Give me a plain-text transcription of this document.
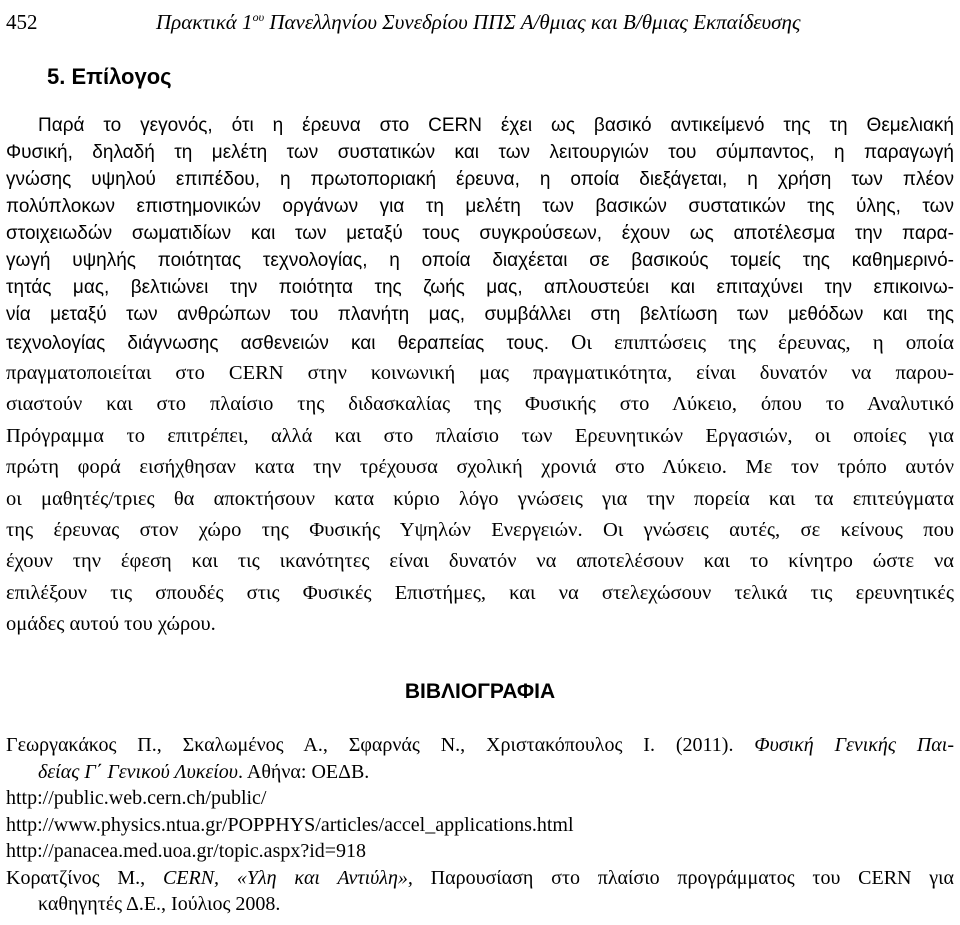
452	Πρακτικά $1^{o\upsilon}$ Πανελληνίου Συνεδρίου ΠΠΣ Α/θμιας και Β/θμιας Εκπαίδευσης
5. Επίλογος
Παρά το γεγονός, ότι η έρευνα στο CERN έχει ως βασικό αντικείμενό της τη Θεμελιακή
Φυσική, δηλαδή τη μελέτη των συστατικών και των λειτουργιών του σύμπαντος, η παραγωγή
γνώσης υψηλού επιπέδου, η πρωτοποριακή έρευνα, η οποία διεξάγεται, η χρήση των πλέον
πολύπλοκων επιστημονικών οργάνων για τη μελέτη των βασικών συστατικών της ύλης, των
στοιχειωδών σωματιδίων και των μεταξύ τους συγκρούσεων, έχουν ως αποτέλεσμα την παρα-
γωγή υψηλής ποιότητας τεχνολογίας, η οποία διαχέεται σε βασικούς τομείς της καθημερινό-
τητάς μας, βελτιώνει την ποιότητα της ζωής μας, απλουστεύει και επιταχύνει την επικοινω-
νία μεταξύ των ανθρώπων του πλανήτη μας, συμβάλλει στη βελτίωση των μεθόδων και της
τεχνολογίας διάγνωσης ασθενειών και θεραπείας τους. Οι επιπτώσεις της έρευνας, η οποία
πραγματοποιείται στο CERN στην κοινωνική μας πραγματικότητα, είναι δυνατόν να παρου-
σιαστούν και στο πλαίσιο της διδασκαλίας της Φυσικής στο Λύκειο, όπου το Αναλυτικό
Πρόγραμμα το επιτρέπει, αλλά και στο πλαίσιο των Ερευνητικών Εργασιών, οι οποίες για
πρώτη φορά εισήχθησαν κατα την τρέχουσα σχολική χρονιά στο Λύκειο. Με τον τρόπο αυτόν
οι μαθητές/τριες θα αποκτήσουν κατα κύριο λόγο γνώσεις για την πορεία και τα επιτεύγματα
της έρευνας στον χώρο της Φυσικής Υψηλών Ενεργειών. Οι γνώσεις αυτές, σε κείνους που
έχουν την έφεση και τις ικανότητες είναι δυνατόν να αποτελέσουν και το κίνητρο ώστε να
επιλέξουν τις σπουδές στις Φυσικές Επιστήμες, και να στελεχώσουν τελικά τις ερευνητικές
ομάδες αυτού του χώρου.
ΒΙΒΛΙΟΓΡΑΦΙΑ
Γεωργακάκος Π., Σκαλωμένος Α., Σφαρνάς Ν., Χριστακόπουλος Ι. (2011). Φυσική Γενικής Παι-
δείας Γ΄ Γενικού Λυκείου. Αθήνα: ΟΕΔΒ.
http://public.web.cern.ch/public/
http://www.physics.ntua.gr/POPPHYS/articles/accel_applications.html
http://panacea.med.uoa.gr/topic.aspx?id=918
Κορατζίνος Μ., CERN, «Υλη και Αντιύλη», Παρουσίαση στο πλαίσιο προγράμματος του CERN για
καθηγητές Δ.Ε., Ιούλιος 2008.
